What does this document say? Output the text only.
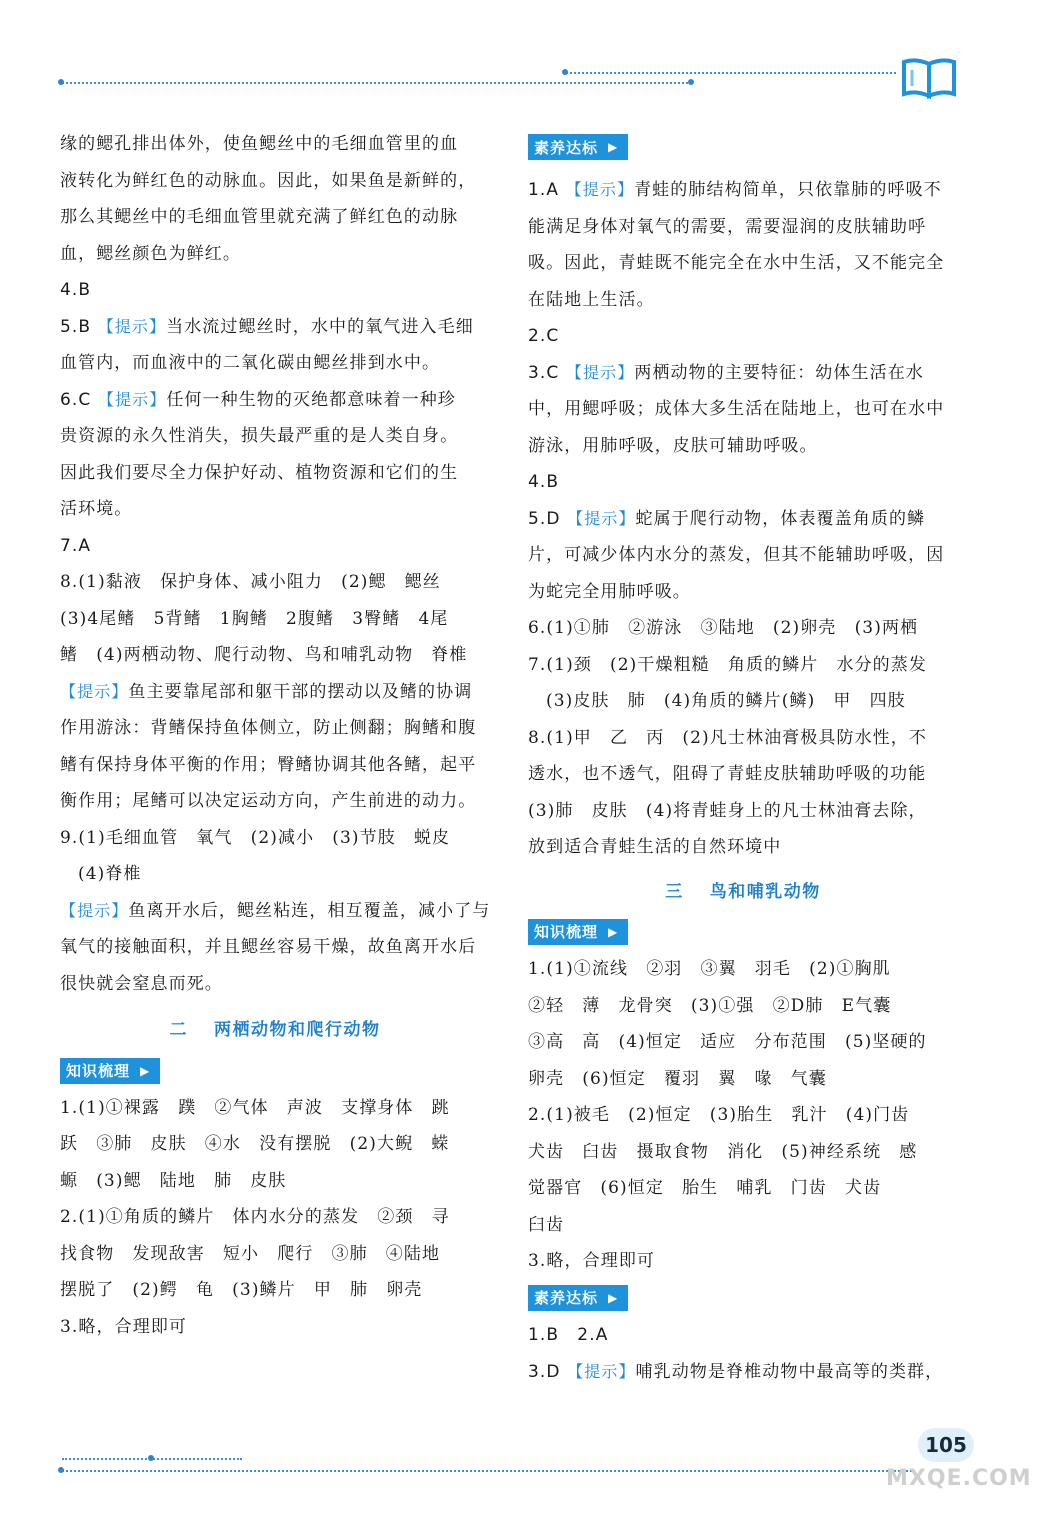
缘的鳃孔排出体外，使鱼鳃丝中的毛细血管里的血

液转化为鲜红色的动脉血。因此，如果鱼是新鲜的，

那么其鳃丝中的毛细血管里就充满了鲜红色的动脉

血，鳃丝颜色为鲜红。

4.B

5.B 【提示】当水流过鳃丝时，水中的氧气进入毛细

血管内，而血液中的二氧化碳由鳃丝排到水中。

6.C 【提示】任何一种生物的灭绝都意味着一种珍

贵资源的永久性消失，损失最严重的是人类自身。

因此我们要尽全力保护好动、植物资源和它们的生

活环境。

7.A

8.(1)黏液　保护身体、减小阻力　(2)鳃　鳃丝

(3)4尾鳍　5背鳍　1胸鳍　2腹鳍　3臀鳍　4尾

鳍　(4)两栖动物、爬行动物、鸟和哺乳动物　脊椎

【提示】鱼主要靠尾部和躯干部的摆动以及鳍的协调

作用游泳：背鳍保持鱼体侧立，防止侧翻；胸鳍和腹

鳍有保持身体平衡的作用；臀鳍协调其他各鳍，起平

衡作用；尾鳍可以决定运动方向，产生前进的动力。

9.(1)毛细血管　氧气　(2)减小　(3)节肢　蜕皮

(4)脊椎

【提示】鱼离开水后，鳃丝粘连，相互覆盖，减小了与

氧气的接触面积，并且鳃丝容易干燥，故鱼离开水后

很快就会窒息而死。

二 两栖动物和爬行动物
知识梳理 ▶

1.(1)①裸露　蹼　②气体　声波　支撑身体　跳

跃　③肺　皮肤　④水　没有摆脱　(2)大鲵　蝾

螈　(3)鳃　陆地　肺　皮肤

2.(1)①角质的鳞片　体内水分的蒸发　②颈　寻

找食物　发现敌害　短小　爬行　③肺　④陆地

摆脱了　(2)鳄　龟　(3)鳞片　甲　肺　卵壳

3.略，合理即可

素养达标 ▶

1.A 【提示】青蛙的肺结构简单，只依靠肺的呼吸不

能满足身体对氧气的需要，需要湿润的皮肤辅助呼

吸。因此，青蛙既不能完全在水中生活，又不能完全

在陆地上生活。

2.C

3.C 【提示】两栖动物的主要特征：幼体生活在水

中，用鳃呼吸；成体大多生活在陆地上，也可在水中

游泳，用肺呼吸，皮肤可辅助呼吸。

4.B

5.D 【提示】蛇属于爬行动物，体表覆盖角质的鳞

片，可减少体内水分的蒸发，但其不能辅助呼吸，因

为蛇完全用肺呼吸。

6.(1)①肺　②游泳　③陆地　(2)卵壳　(3)两栖

7.(1)颈　(2)干燥粗糙　角质的鳞片　水分的蒸发

(3)皮肤　肺　(4)角质的鳞片(鳞)　甲　四肢

8.(1)甲　乙　丙　(2)凡士林油膏极具防水性，不

透水，也不透气，阻碍了青蛙皮肤辅助呼吸的功能

(3)肺　皮肤　(4)将青蛙身上的凡士林油膏去除，

放到适合青蛙生活的自然环境中

三 鸟和哺乳动物
知识梳理 ▶

1.(1)①流线　②羽　③翼　羽毛　(2)①胸肌

②轻　薄　龙骨突　(3)①强　②D肺　E气囊

③高　高　(4)恒定　适应　分布范围　(5)坚硬的

卵壳　(6)恒定　覆羽　翼　喙　气囊

2.(1)被毛　(2)恒定　(3)胎生　乳汁　(4)门齿

犬齿　臼齿　摄取食物　消化　(5)神经系统　感

觉器官　(6)恒定　胎生　哺乳　门齿　犬齿

臼齿

3.略，合理即可

素养达标 ▶

1.B　2.A

3.D 【提示】哺乳动物是脊椎动物中最高等的类群，

105
MXQE.COM
